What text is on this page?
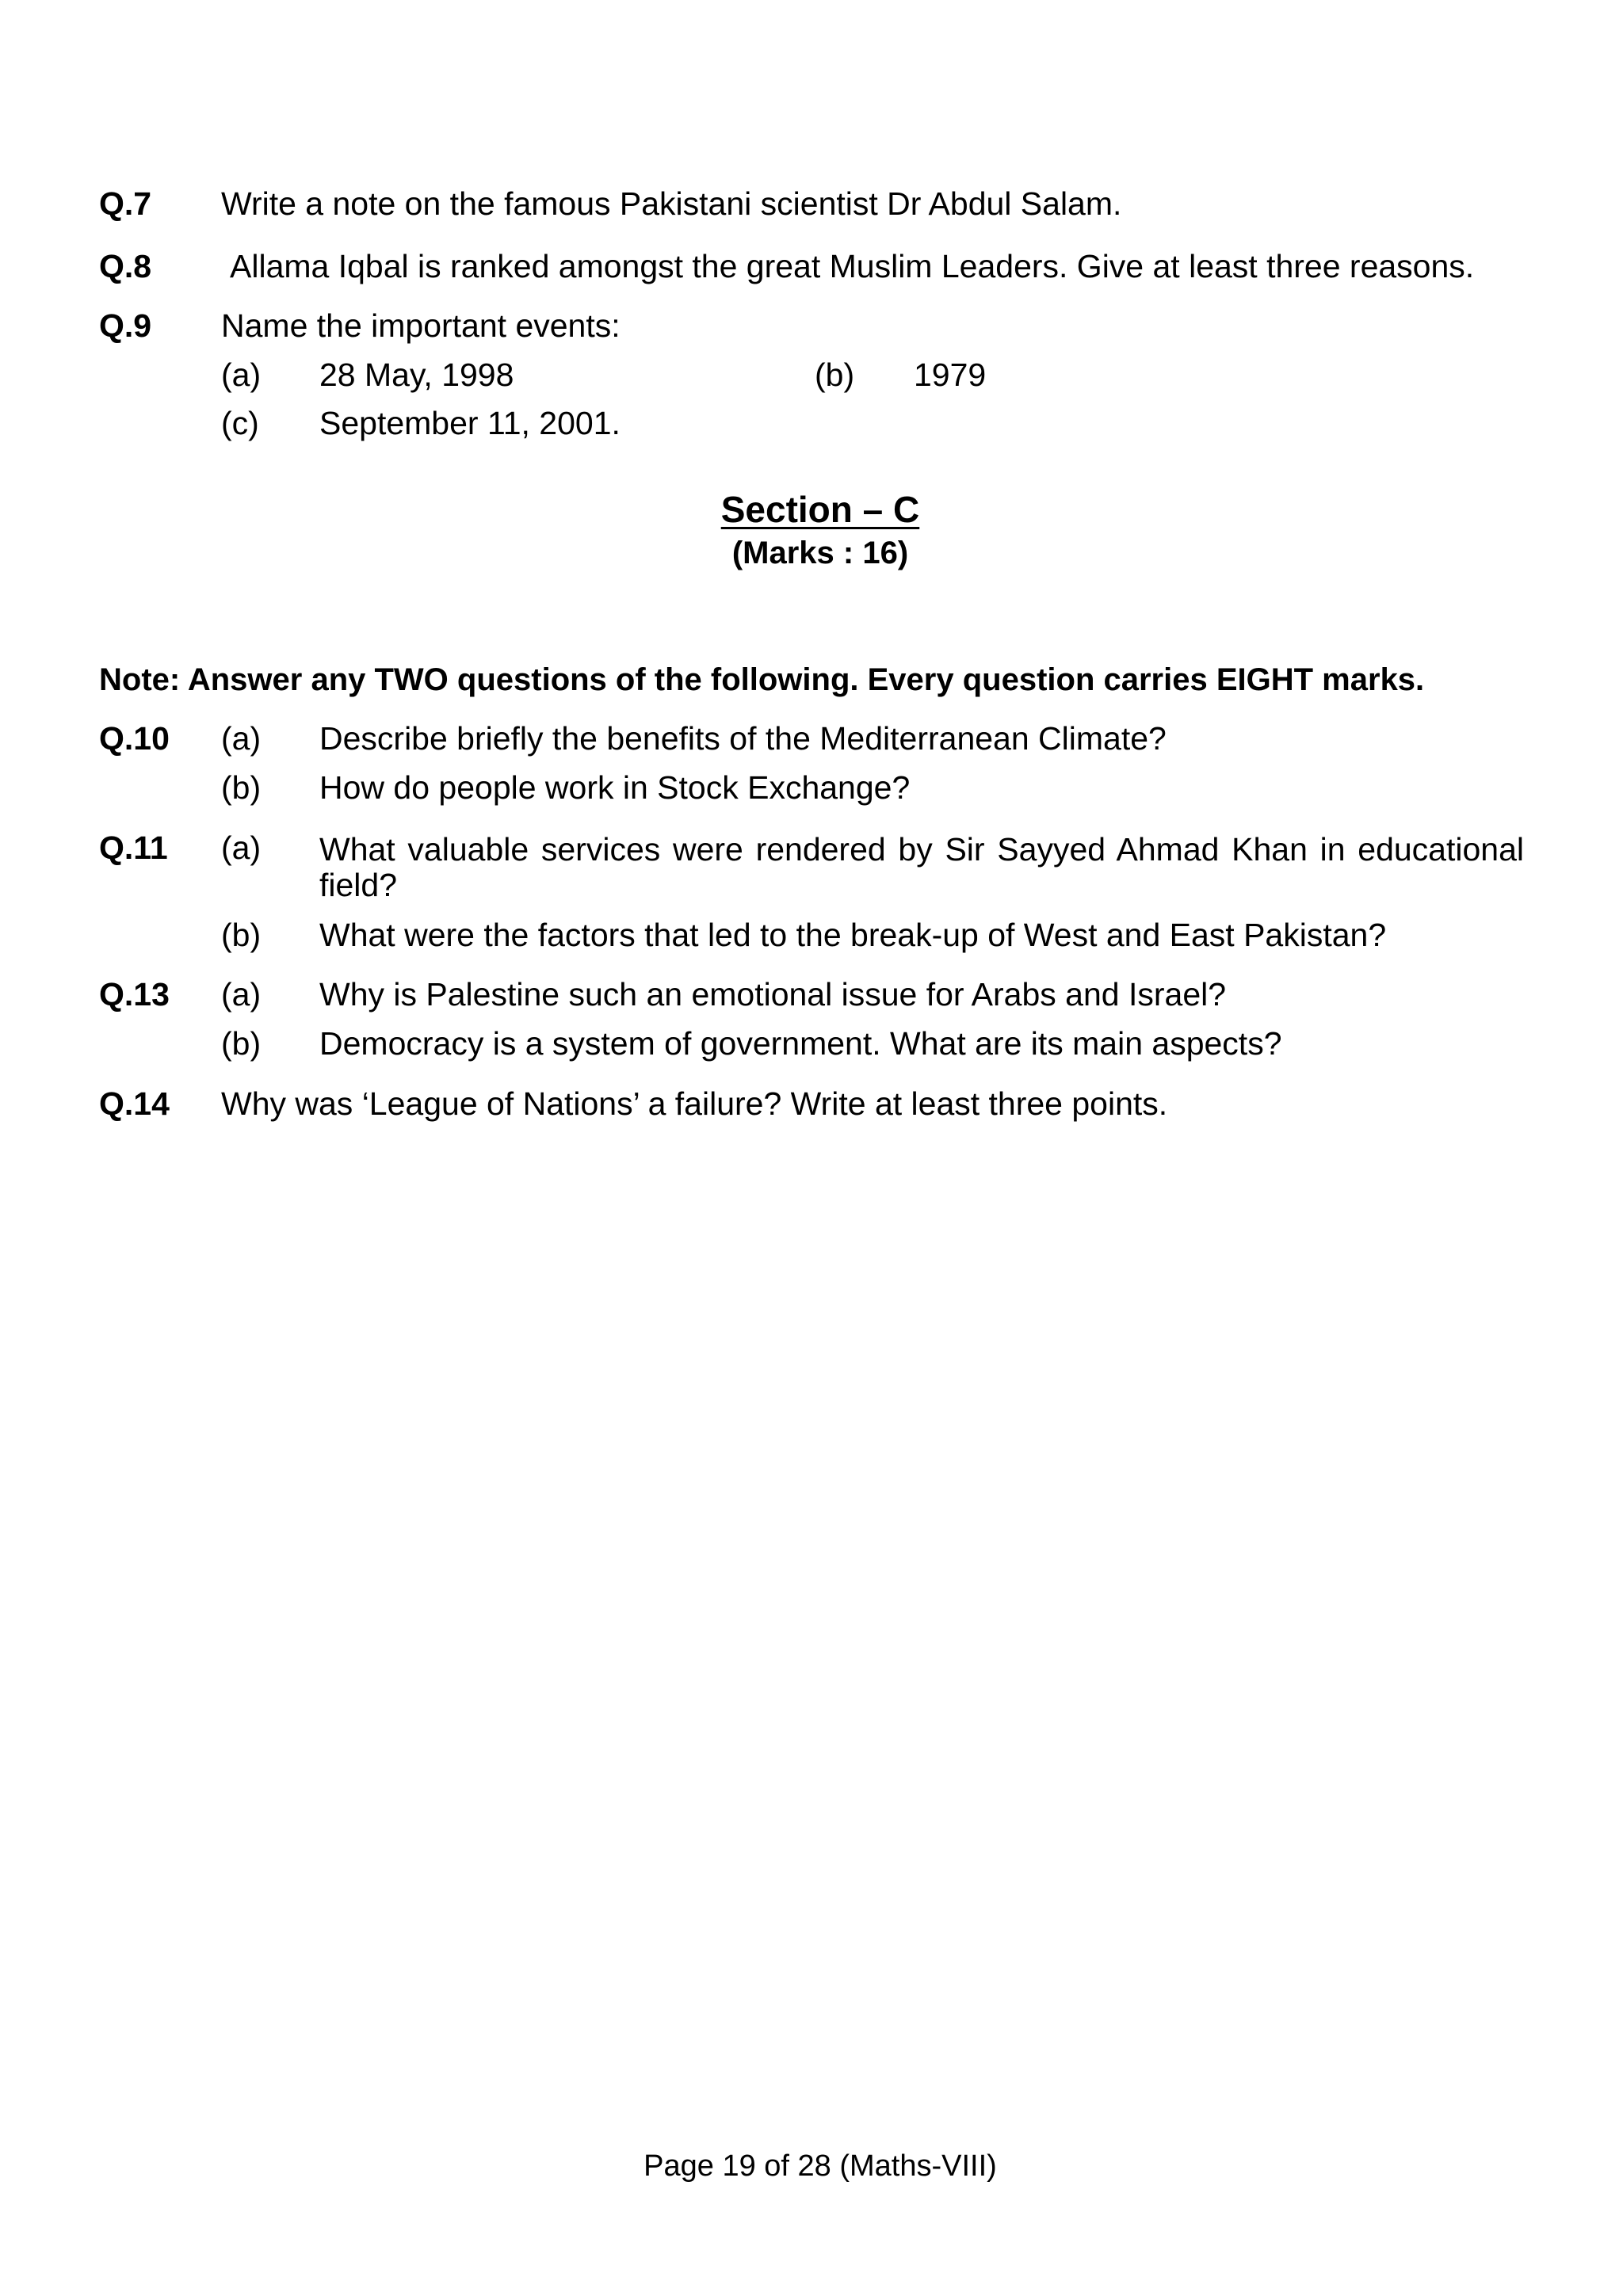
Q.7 Write a note on the famous Pakistani scientist Dr Abdul Salam.
Q.8 Allama Iqbal is ranked amongst the great Muslim Leaders. Give at least three reasons.
Q.9 Name the important events:
(a) 28 May, 1998	(b) 1979
(c) September 11, 2001.
Section – C
(Marks : 16)
Note: Answer any TWO questions of the following. Every question carries EIGHT marks.
Q.10 (a) Describe briefly the benefits of the Mediterranean Climate?
(b) How do people work in Stock Exchange?
Q.11 (a) What valuable services were rendered by Sir Sayyed Ahmad Khan in educational field?
(b) What were the factors that led to the break-up of West and East Pakistan?
Q.13 (a) Why is Palestine such an emotional issue for Arabs and Israel?
(b) Democracy is a system of government. What are its main aspects?
Q.14 Why was ‘League of Nations’ a failure? Write at least three points.
Page 19 of 28 (Maths-VIII)
